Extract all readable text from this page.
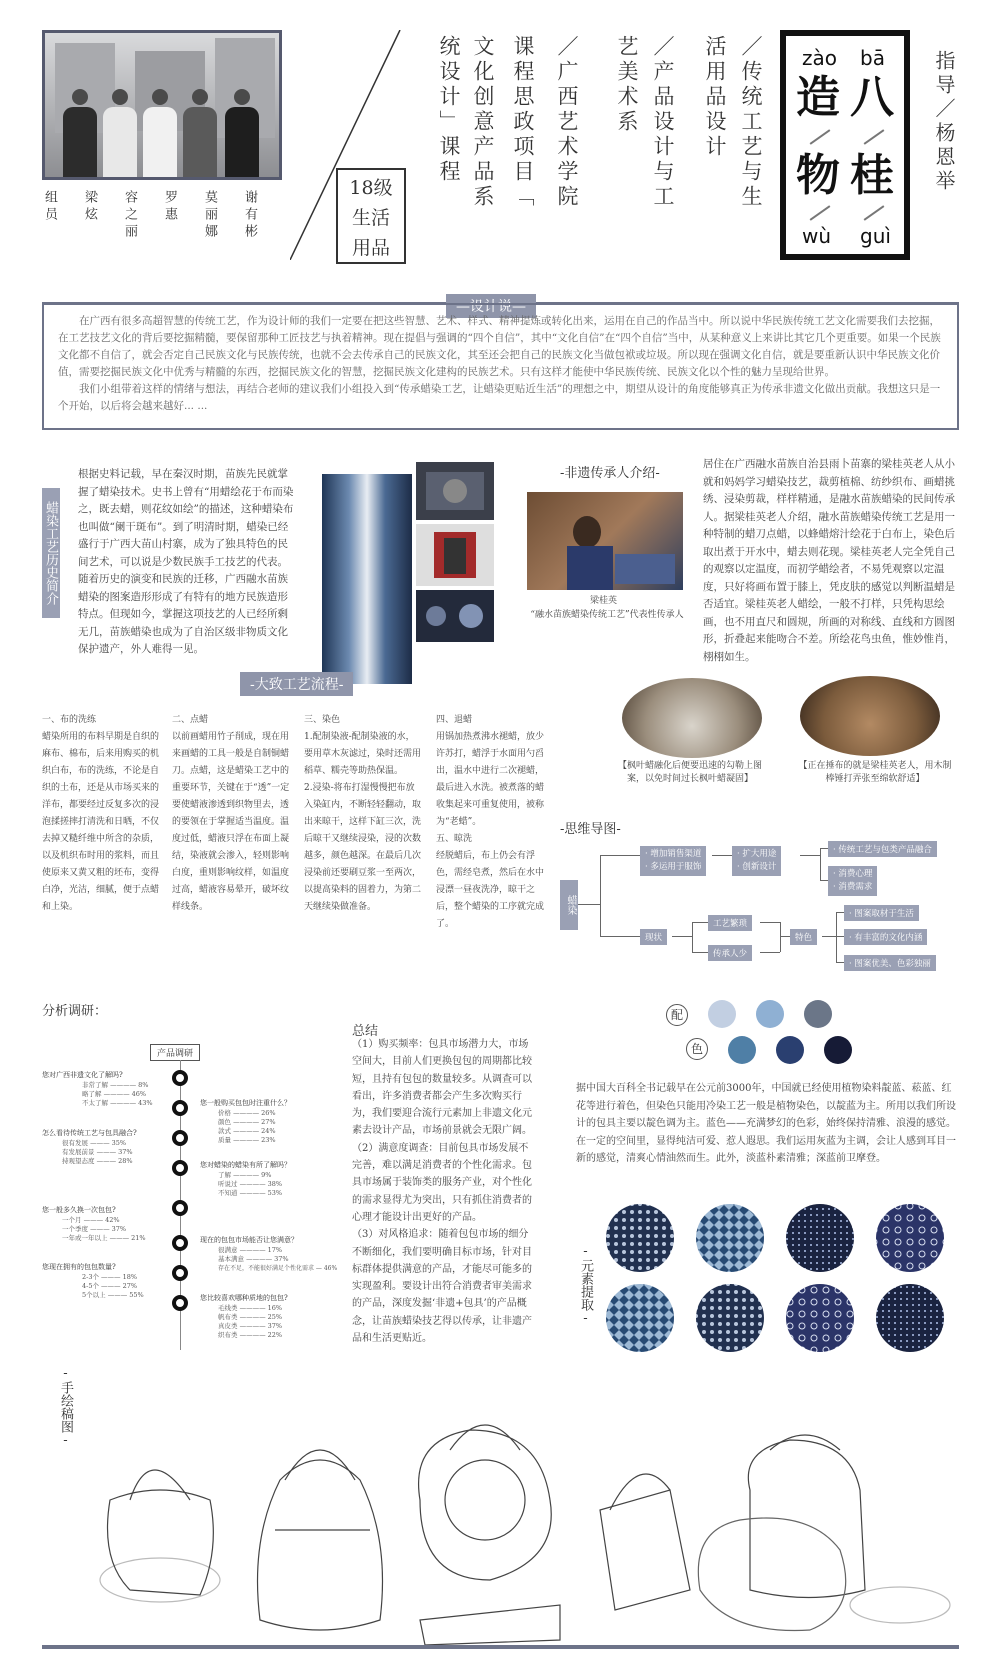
组员 梁炫 容之丽 罗惠 莫丽娜 谢有彬
18级
生活
用品
统设计」课程 文化创意产品系 课程思政项目「 ／广西艺术学院 艺美术系 ／产品设计与工 活用品设计 ／传统工艺与生 zào bā
造 八
物 桂
wù guì
指导／杨恩举
—设计说—

在广西有很多高超智慧的传统工艺，作为设计师的我们一定要在把这些智慧、艺术、样式、精神提炼或转化出来，运用在自己的作品当中。所以说中华民族传统工艺文化需要我们去挖掘，在工艺技艺文化的背后要挖掘精髓，要保留那种工匠技艺与执着精神。现在提倡与强调的“四个自信”，其中“文化自信”在“四个自信”当中，从某种意义上来讲比其它几个更重要。如果一个民族文化都不自信了，就会否定自己民族文化与民族传统，也就不会去传承自己的民族文化，其至还会把自己的民族文化当做包袱或垃圾。所以现在强调文化自信，就是要重新认识中华民族文化价值，需要挖掘民族文化中优秀与精髓的东西，挖掘民族文化的智慧，挖掘民族文化建构的民族艺术。只有这样才能使中华民族传统、民族文化以个性的魅力呈现给世界。

我们小组带着这样的情绪与想法，再结合老师的建议我们小组投入到“传承蜡染工艺，让蜡染更贴近生活”的理想之中，期望从设计的角度能够真正为传承非遗文化做出贡献。我想这只是一个开始，以后将会越来越好... ...

蜡染工艺历史简介
根据史料记载，早在秦汉时期，苗族先民就掌握了蜡染技术。史书上曾有“用蜡绘花于布而染之，既去蜡，则花纹如绘”的描述，这种蜡染布也叫做“阑干斑布”。到了明清时期，蜡染已经盛行于广西大苗山村寨，成为了独具特色的民间艺术，可以说是少数民族手工技艺的代表。随着历史的演变和民族的迁移，广西融水苗族蜡染的图案造形形成了有特有的地方民族造形特点。但现如今，掌握这项技艺的人已经所剩无几，苗族蜡染也成为了自治区级非物质文化保护遗产，外人难得一见。
-非遗传承人介绍-
梁桂英
“融水苗族蜡染传统工艺”代表性传承人
居住在广西融水苗族自治县雨卜苗寨的梁桂英老人从小就和妈妈学习蜡染技艺，裁剪植棉、纺纱织布、画蜡挑绣、浸染剪裁，样样精通，是融水苗族蜡染的民间传承人。据梁桂英老人介绍，融水苗族蜡染传统工艺是用一种特制的蜡刀点蜡，以蜂蜡熔汁绘花于白布上，染色后取出煮于开水中，蜡去则花现。梁桂英老人完全凭自己的观察以定温度，而初学蜡绘者，不易凭观察以定温度，只好将画布置于膝上，凭皮肤的感觉以判断温蜡是否适宜。梁桂英老人蜡绘，一般不打样，只凭构思绘画，也不用直尺和圆规，所画的对称线、直线和方圆图形，折叠起来能吻合不差。所绘花鸟虫鱼，惟妙惟肖，栩栩如生。
-大致工艺流程-
一、布的洗练
蜡染所用的布料早期是自织的麻布、棉布，后来用购买的机织白布，布的洗练，不论是自织的土布，还是从市场买来的洋布，都要经过反复多次的浸泡揉搓摔打清洗和日晒，不仅去掉又糙纤维中所含的杂质，以及机织布时用的浆料，而且使原来又黄又粗的坯布，变得白净，光洁，细腻，便于点蜡和上染。
二、点蜡
以前画蜡用竹子削成，现在用来画蜡的工具一般是自制铜蜡刀。点蜡，这是蜡染工艺中的重要环节，关键在于“透”一定要使蜡液渗透到织物里去，透的要领在于掌握适当温度。温度过低，蜡液只浮在布面上凝结，染液就会渗入，轻则影响白度，重则影响纹样，如温度过高，蜡液容易晕开，破坏纹样线条。
三、染色
1.配制染液-配制染液的水，要用草木灰滤过，染时还需用稻草、糯壳等助热保温。
2.浸染-将布打湿慢慢把布放入染缸内，不断轻轻翻动，取出来晾干，这样下缸三次，洗后晾干又继续浸染，浸的次数越多，颜色越深。在最后几次浸染前还要刷豆浆一至两次，以提高染料的固着力，为第二天继续染做准备。
四、退蜡
用锅加热煮沸水褪蜡，放少许苏打，蜡浮于水面用勺舀出，温水中进行二次褪蜡，最后进入水洗。被煮落的蜡收集起来可重复使用，被称为“老蜡”。
五、晾洗
经脱蜡后，布上仍会有浮色，需经皂煮，然后在水中浸漂一昼夜洗净，晾干之后，整个蜡染的工序就完成了。
【枫叶蜡融化后便要迅速的勾勒上图案，以免时间过长枫叶蜡凝固】
【正在捶布的就是梁桂英老人，用木制棒锤打弄张至绵软舒适】
-思维导图-
蜡染
· 增加销售渠道
· 多运用于服饰
· 扩大用途
· 创新设计
· 传统工艺与包类产品融合
· 消费心理
· 消费需求
现状
工艺繁琐
传承人少
特色
· 图案取材于生活
· 有丰富的文化内涵
· 图案优美、色彩独丽
分析调研：
产品调研
您对广西非遗文化了解吗?
非常了解 ———— 8%
略了解 ———— 46%
不太了解 ———— 43%	您一般购买包包时注重什么？
价格 ———— 26%
颜色 ———— 27%
款式 ———— 24%
质量 ———— 23%
怎么看待传统工艺与包具融合?
很有发展 ——— 35%
有发展前景 ——— 37%
持观望态度 ——— 28%	您对蜡染的蜡染有所了解吗？
了解 ———— 9%
听说过 ———— 38%
不知道 ———— 53%
您一般多久换一次包包?
一个月 ——— 42%
一个季度 ——— 37%
一年或一年以上 ——— 21%	现在的包包市场能否让您满意？
很满意 ———— 17%
基本满意 ———— 37%
存在不足，不能很好满足个性化需求 — 46%
您现在拥有的包包数量?
2-3个 ——— 18%
4-5个 ——— 27%
5个以上 ——— 55%	您比较喜欢哪种质地的包包?
毛线类 ———— 16%
帆布类 ———— 25%
真皮类 ———— 37%
织布类 ———— 22%
总结
（1）购买频率：包具市场潜力大，市场空间大，目前人们更换包包的周期都比较短，且持有包包的数量较多。从调查可以看出，许多消费者都会产生多次购买行为，我们要迎合流行元素加上非遗文化元素去设计产品，市场前景就会无限广阔。
（2）满意度调查：目前包具市场发展不完善，难以满足消费者的个性化需求。包具市场属于装饰类的服务产业，对个性化的需求显得尤为突出，只有抓住消费者的心理才能设计出更好的产品。
（3）对风格追求：随着包包市场的细分不断细化，我们要明确目标市场，针对目标群体提供满意的产品，才能尽可能多的实现盈利。要设计出符合消费者审美需求的产品，深度发掘‘非遗+包具’的产品概念，让苗族蜡染技艺得以传承，让非遗产品和生活更贴近。
配
色
据中国大百科全书记载早在公元前3000年，中国就已经使用植物染料靛蓝、菘蓝、红花等进行着色，但染色只能用冷染工艺一般是植物染色，以靛蓝为主。所用以我们所设计的包具主要以靛色调为主。蓝色——充满梦幻的色彩，始终保持清雅、浪漫的感觉。在一定的空间里，显得纯洁可爱、惹人遐思。我们运用灰蓝为主调，会让人感到耳目一新的感觉，清爽心情油然而生。此外，淡蓝朴素清雅；深蓝前卫摩登。
-元素提取-
-手绘稿图-
